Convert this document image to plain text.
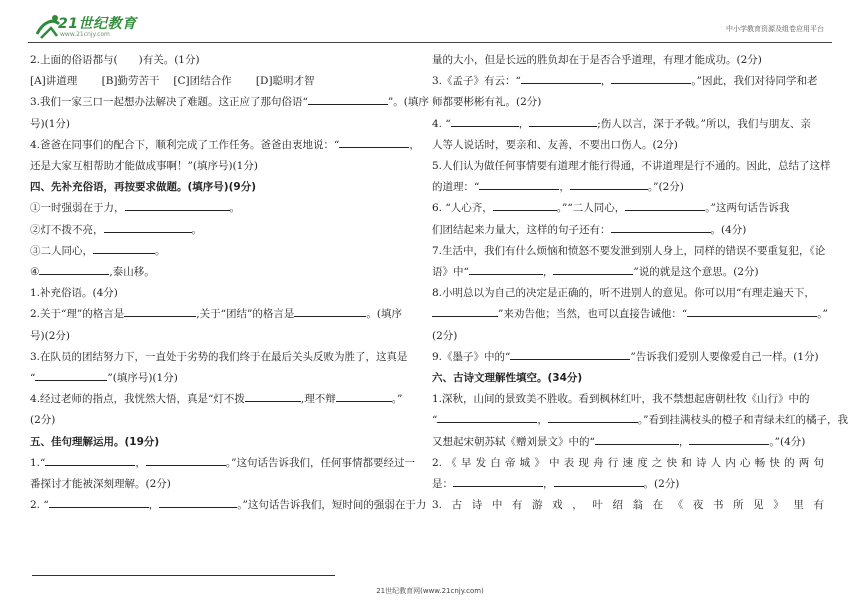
21世纪教育
www.21cnjy.com
中小学教育资源及组卷应用平台

2.上面的俗语都与(　　)有关。(1分)

[A]讲道理　　 [B]勤劳苦干　 [C]团结合作　　 [D]聪明才智

3.我们一家三口一起想办法解决了难题。这正应了那句俗语“	”。(填序

号)(1分)

4.爸爸在同事们的配合下，顺利完成了工作任务。爸爸由衷地说：“	，

还是大家互相帮助才能做成事啊！”(填序号)(1分)

四、先补充俗语，再按要求做题。(填序号)(9分)

①一时强弱在于力，	。

②灯不拨不亮，	。

③二人同心，	。

④	,泰山移。

1.补充俗语。(4分)

2.关于“理”的格言是	,关于“团结”的格言是	。(填序

号)(2分)

3.在队员的团结努力下，一直处于劣势的我们终于在最后关头反败为胜了，这真是

“	”(填序号)(1分)

4.经过老师的指点，我恍然大悟，真是“灯不拨	,理不辩	。”

(2分)

五、佳句理解运用。(19分)

1.“	，	。”这句话告诉我们，任何事情都要经过一

番探讨才能被深刻理解。(2分)

2. “	，	。”这句话告诉我们，短时间的强弱在于力

量的大小，但是长远的胜负却在于是否合乎道理，有理才能成功。(2分)

3.《孟子》有云：“	，	。”因此，我们对待同学和老

师都要彬彬有礼。(2分)

4. “	，	;伤人以言，深于矛戟。”所以，我们与朋友、亲

人等人说话时，要亲和、友善，不要出口伤人。(2分)

5.人们认为做任何事情要有道理才能行得通，不讲道理是行不通的。因此，总结了这样

的道理：“	，	。”(2分)

6. “人心齐，	。”“二人同心，	。”这两句话告诉我

们团结起来力量大，这样的句子还有：	。(4分)

7.生活中，我们有什么烦恼和愤怒不要发泄到别人身上，同样的错误不要重复犯，《论

语》中“	，	”说的就是这个意思。(2分)

8.小明总以为自己的决定是正确的，听不进别人的意见。你可以用“有理走遍天下，

”来劝告他；当然，也可以直接告诫他：“	。”

(2分)

9.《墨子》中的“	”告诉我们爱别人要像爱自己一样。(1分)

六、古诗文理解性填空。(34分)

1.深秋，山间的景致美不胜收。看到枫林红叶，我不禁想起唐朝杜牧《山行》中的

“	，	。”看到挂满枝头的橙子和青绿未红的橘子，我

又想起宋朝苏轼《赠刘景文》中的“	，	。”(4分)

2.《早发白帝城》中表现舟行速度之快和诗人内心畅快的两句

是：	，	。(2分)

3.古诗中有游戏，叶绍翁在《夜书所见》里有

21世纪教育网(www.21cnjy.com)
